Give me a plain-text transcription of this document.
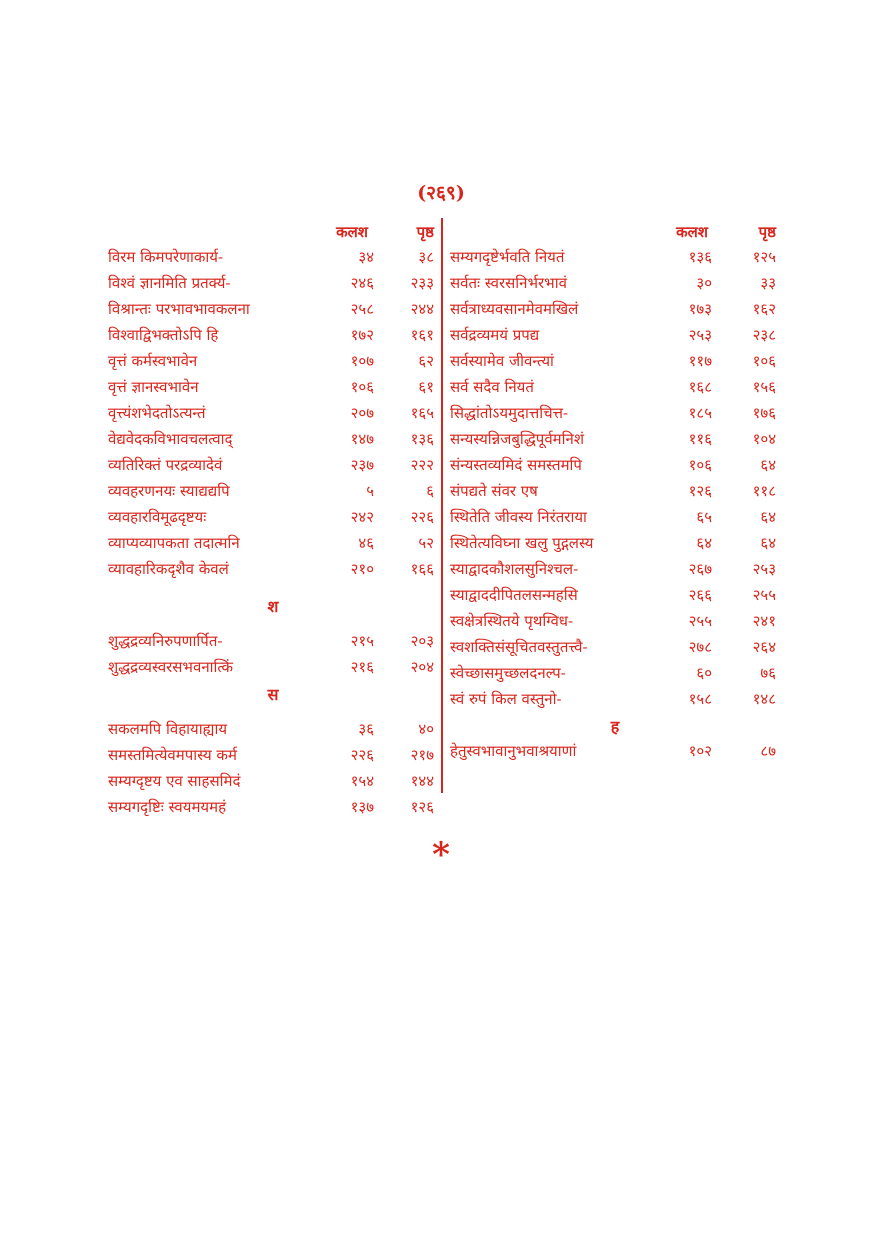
(२६९)
कलश	पृष्ठ
विरम किमपरेणाकार्य-	३४	३८
विश्वं ज्ञानमिति प्रतर्क्य-	२४६ २३३
विश्रान्तः परभावभावकलना	२५८ २४४
विश्वाद्विभक्तोऽपि हि	१७२ १६१
वृत्तं कर्मस्वभावेन	१०७	६२
वृत्तं ज्ञानस्वभावेन	१०६	६१
वृत्त्यंशभेदतोऽत्यन्तं	२०७ १६५
वेद्यवेदकविभावचलत्वाद्	१४७ १३६
व्यतिरिक्तं परद्रव्यादेवं	२३७ २२२
व्यवहरणनयः स्याद्यद्यपि	५	६
व्यवहारविमूढदृष्टयः	२४२ २२६
व्याप्यव्यापकता तदात्मनि	४६	५२
व्यावहारिकदृशैव केवलं	२१० १६६
श
शुद्धद्रव्यनिरुपणार्पित-	२१५ २०३
शुद्धद्रव्यस्वरसभवनात्किं	२१६ २०४
स
सकलमपि विहायाह्याय	३६	४०
समस्तमित्येवमपास्य कर्म	२२६ २१७
सम्यग्दृष्टय एव साहसमिदं	१५४ १४४
सम्यगदृष्टिः स्वयमयमहं	१३७ १२६
कलश	पृष्ठ
सम्यगदृष्टेर्भवति नियतं	१३६	१२५
सर्वतः स्वरसनिर्भरभावं	३०	३३
सर्वत्राध्यवसानमेवमखिलं	१७३	१६२
सर्वद्रव्यमयं प्रपद्य	२५३	२३८
सर्वस्यामेव जीवन्त्यां	११७	१०६
सर्व सदैव नियतं	१६८	१५६
सिद्धांतोऽयमुदात्तचित्त-	१८५	१७६
सन्यस्यन्निजबुद्धिपूर्वमनिशं	११६	१०४
संन्यस्तव्यमिदं समस्तमपि	१०६	६४
संपद्यते संवर एष	१२६	११८
स्थितेति जीवस्य निरंतराया	६५	६४
स्थितेत्यविघ्ना खलु पुद्गलस्य	६४	६४
स्याद्वादकौशलसुनिश्चल-	२६७	२५३
स्याद्वाददीपितलसन्महसि	२६६	२५५
स्वक्षेत्रस्थितये पृथग्विध-	२५५	२४१
स्वशक्तिसंसूचितवस्तुतत्त्वै-	२७८	२६४
स्वेच्छासमुच्छलदनल्प-	६०	७६
स्वं रुपं किल वस्तुनो-	१५८	१४८
ह
हेतुस्वभावानुभवाश्रयाणां	१०२	८७
*
